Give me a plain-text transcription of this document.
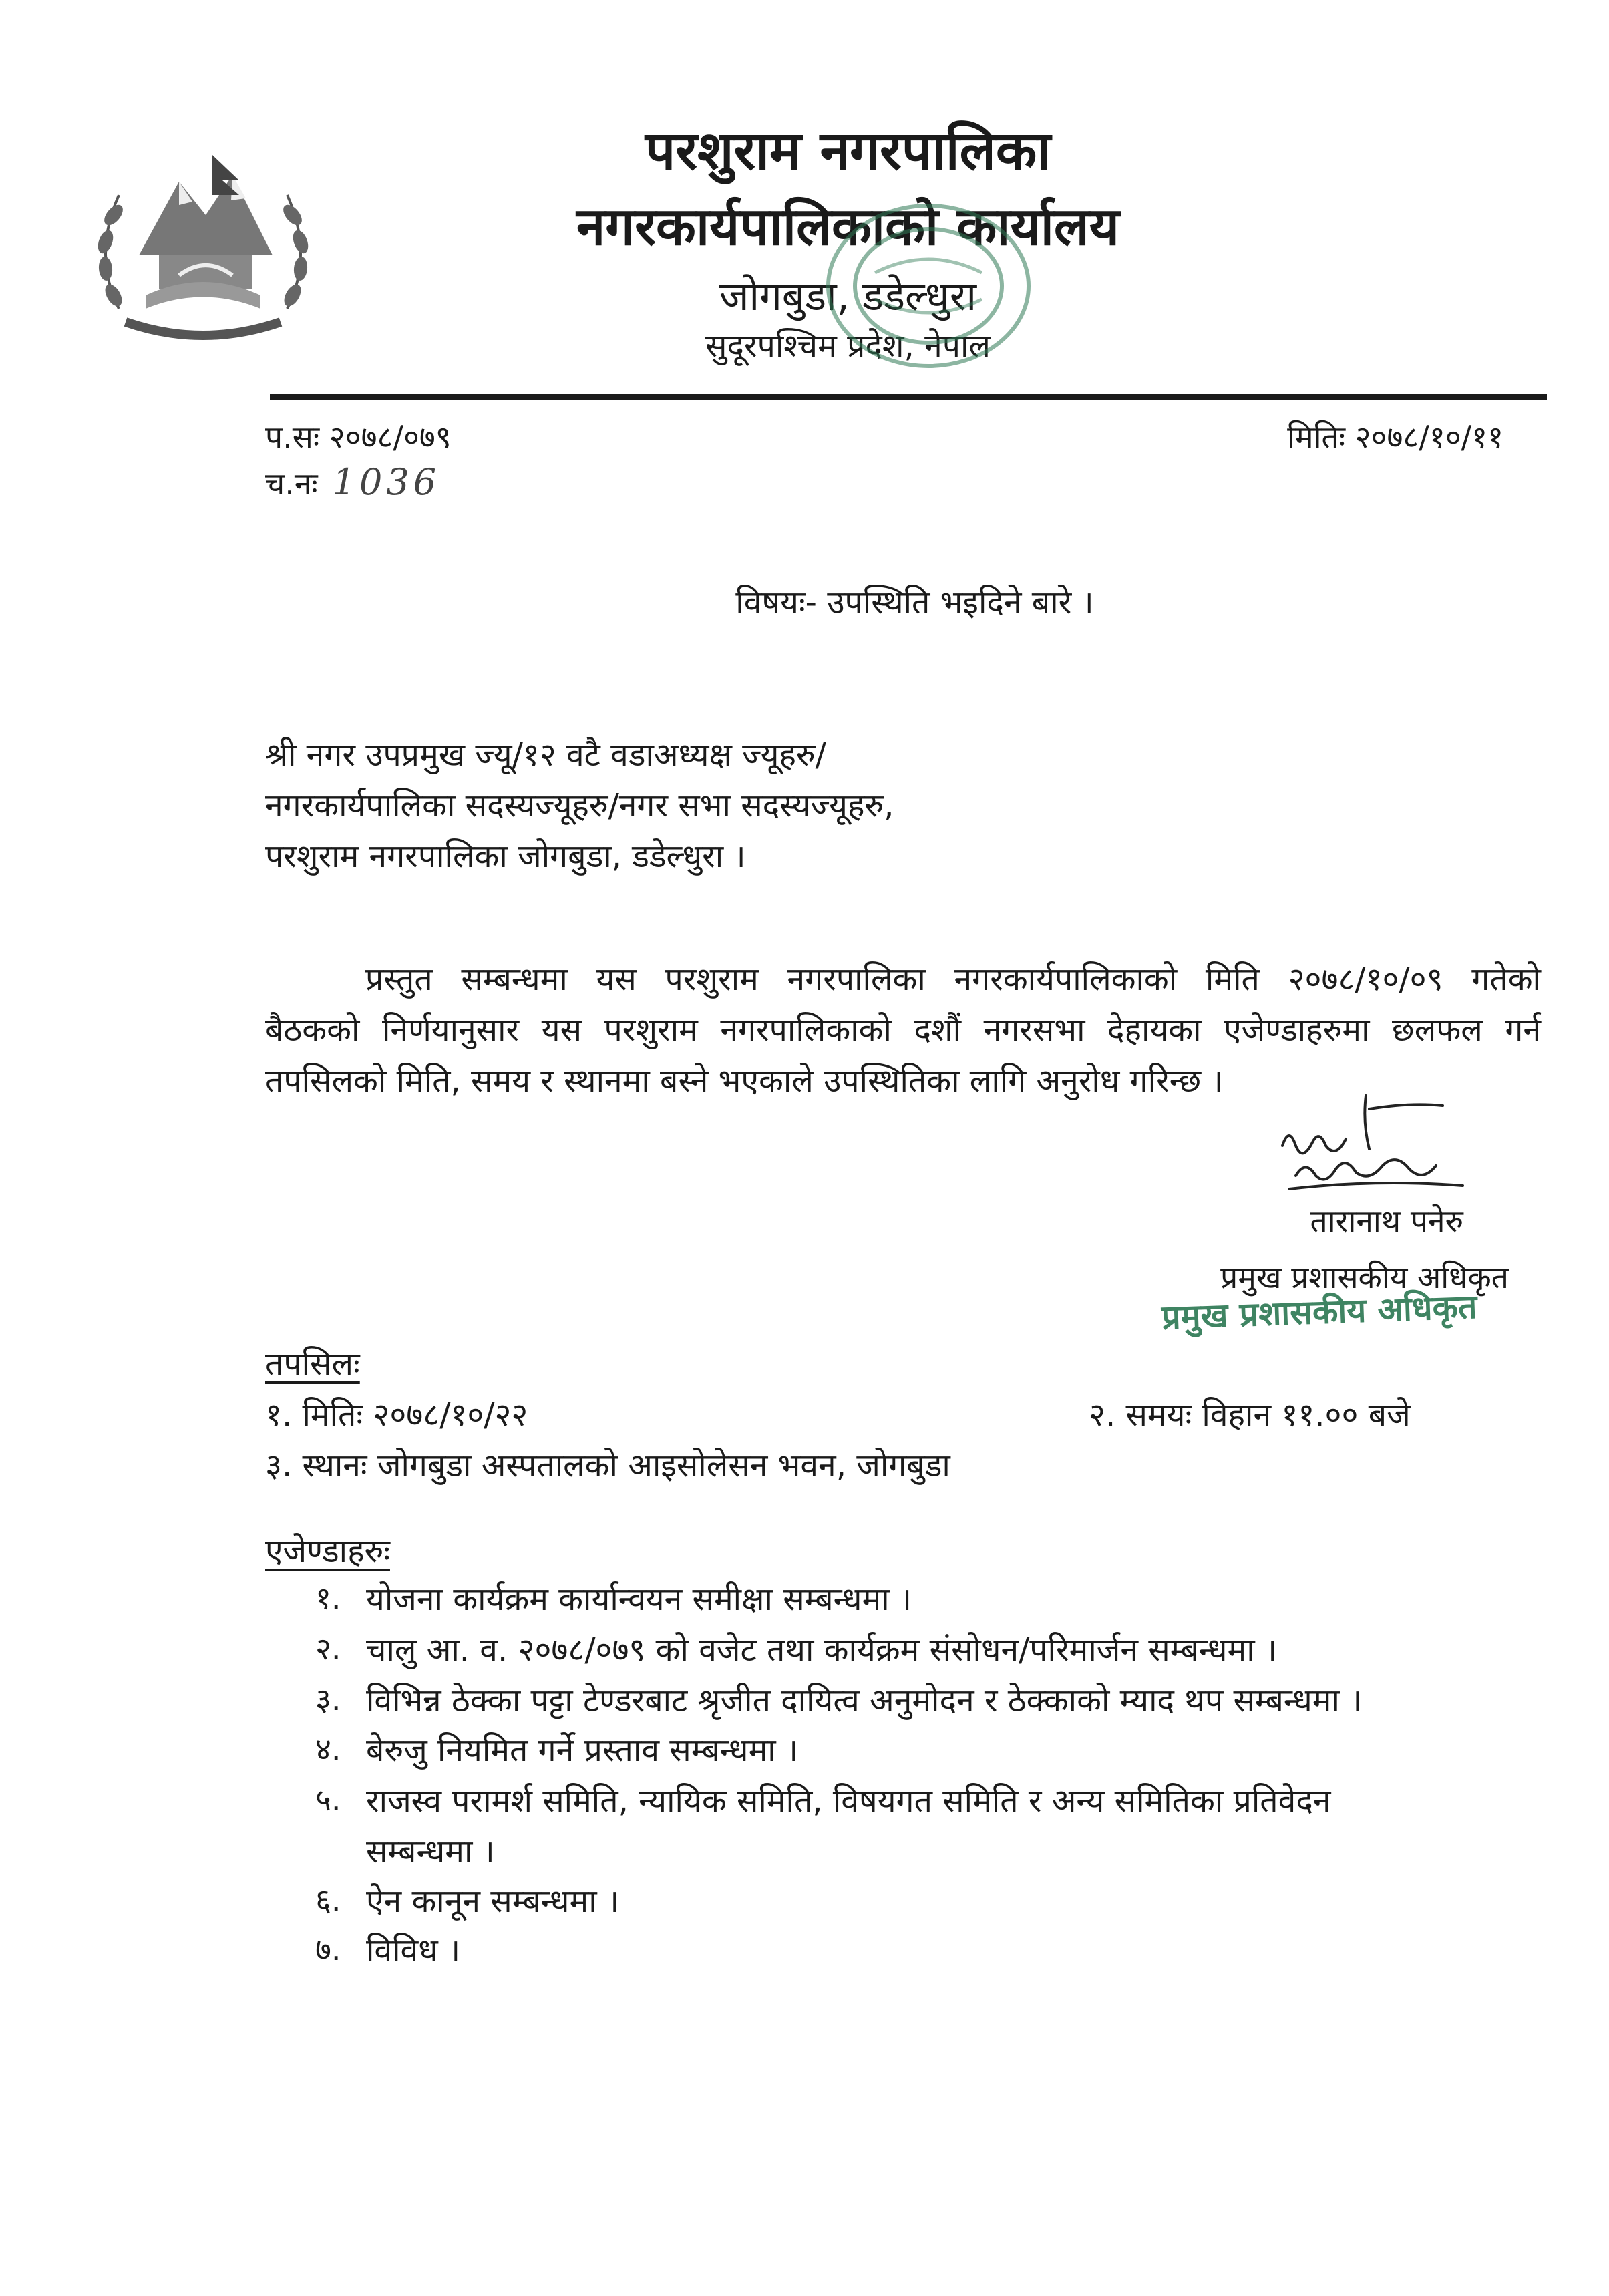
परशुराम नगरपालिका
नगरकार्यपालिकाको कार्यालय
जोगबुडा, डडेल्धुरा
सुदूरपश्चिम प्रदेश, नेपाल
प.सः २०७८/०७९	मितिः २०७८/१०/११
च.नः 1036
विषयः- उपस्थिति भइदिने बारे ।
श्री नगर उपप्रमुख ज्यू/१२ वटै वडाअध्यक्ष ज्यूहरु/
नगरकार्यपालिका सदस्यज्यूहरु/नगर सभा सदस्यज्यूहरु,
परशुराम नगरपालिका जोगबुडा, डडेल्धुरा ।
प्रस्तुत सम्बन्धमा यस परशुराम नगरपालिका नगरकार्यपालिकाको मिति २०७८/१०/०९ गतेको
बैठकको निर्णयानुसार यस परशुराम नगरपालिकाको दशौं नगरसभा देहायका एजेण्डाहरुमा छलफल गर्न
तपसिलको मिति, समय र स्थानमा बस्ने भएकाले उपस्थितिका लागि अनुरोध गरिन्छ ।
तारानाथ पनेरु
प्रमुख प्रशासकीय अधिकृत
प्रमुख प्रशासकीय अधिकृत
तपसिलः
१. मितिः २०७८/१०/२२	२. समयः विहान ११.०० बजे
३. स्थानः जोगबुडा अस्पतालको आइसोलेसन भवन, जोगबुडा
एजेण्डाहरुः
१. योजना कार्यक्रम कार्यान्वयन समीक्षा सम्बन्धमा ।
२. चालु आ. व. २०७८/०७९ को वजेट तथा कार्यक्रम संसोधन/परिमार्जन सम्बन्धमा ।
३. विभिन्न ठेक्का पट्टा टेण्डरबाट श्रृजीत दायित्व अनुमोदन र ठेक्काको म्याद थप सम्बन्धमा ।
४. बेरुजु नियमित गर्ने प्रस्ताव सम्बन्धमा ।
५. राजस्व परामर्श समिति, न्यायिक समिति, विषयगत समिति र अन्य समितिका प्रतिवेदन
सम्बन्धमा ।
६. ऐन कानून सम्बन्धमा ।
७. विविध ।
